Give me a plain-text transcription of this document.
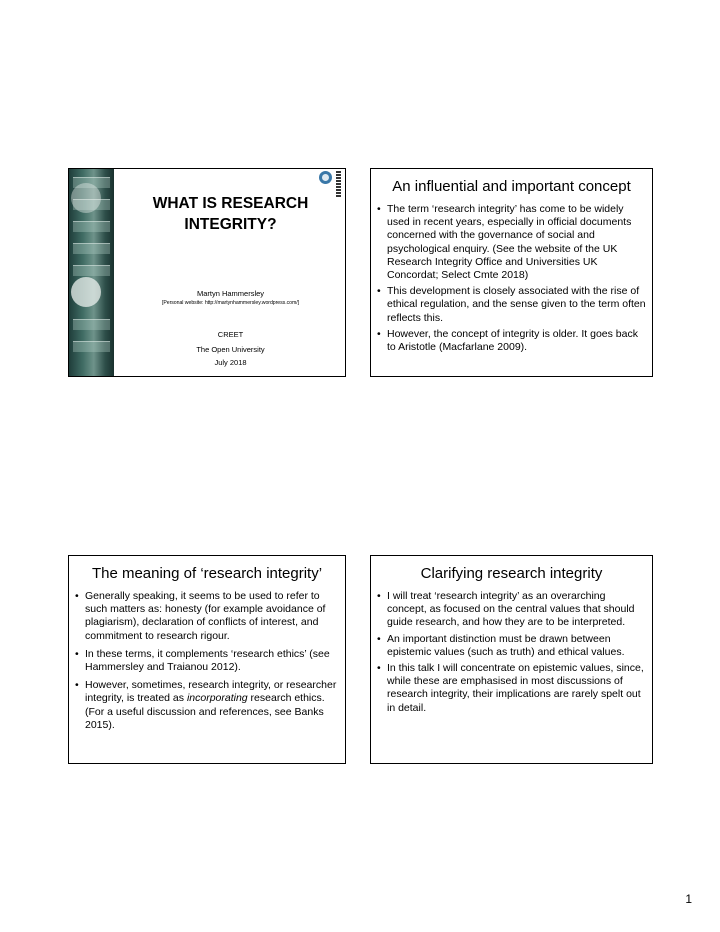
WHAT IS RESEARCH
INTEGRITY?
Martyn Hammersley
[Personal website: http://martynhammersley.wordpress.com/]
CREET
The Open University
July 2018
An influential and important concept
• The term ‘research integrity’ has come to be widely used in recent years, especially in official documents concerned with the governance of social and psychological enquiry. (See the website of the UK Research Integrity Office and Universities UK Concordat; Select Cmte 2018)
• This development is closely associated with the rise of ethical regulation, and the sense given to the term often reflects this.
• However, the concept of integrity is older. It goes back to Aristotle (Macfarlane 2009).
The meaning of ‘research integrity’
• Generally speaking, it seems to be used to refer to such matters as: honesty (for example avoidance of plagiarism), declaration of conflicts of interest, and commitment to research rigour.
• In these terms, it complements ‘research ethics’ (see Hammersley and Traianou 2012).
• However, sometimes, research integrity, or researcher integrity, is treated as incorporating research ethics. (For a useful discussion and references, see Banks 2015).
Clarifying research integrity
• I will treat ‘research integrity’ as an overarching concept, as focused on the central values that should guide research, and how they are to be interpreted.
• An important distinction must be drawn between epistemic values (such as truth) and ethical values.
• In this talk I will concentrate on epistemic values, since, while these are emphasised in most discussions of research integrity, their implications are rarely spelt out in detail.
1
